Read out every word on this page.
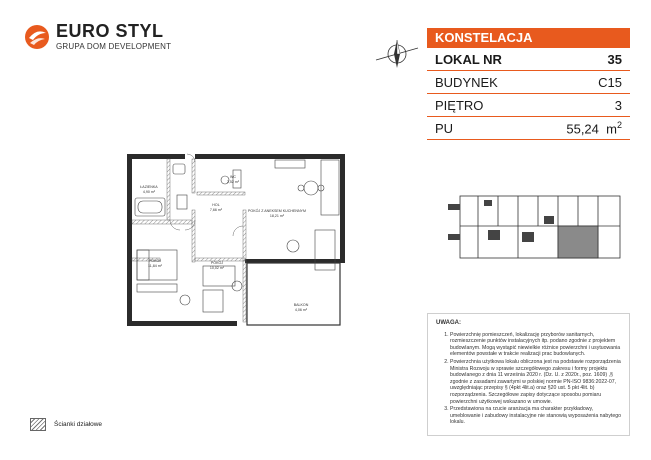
EURO STYL
GRUPA DOM DEVELOPMENT
KONSTELACJA
LOKAL NR	35
BUDYNEK	C15
PIĘTRO	3
PU	55,24 $m^2$
ŁAZIENKA
4,90 m²
HOL
7,66 m²
WC
2,52 m²
POKÓJ Z ANEKSEM KUCHENNYM
18,21 m²
POKÓJ
11,84 m²
POKÓJ
10,02 m²
BALKON
4,06 m²
UWAGA:
1. Powierzchnię pomieszczeń, lokalizację przyborów sanitarnych, rozmieszczenie punktów instalacyjnych itp. podano zgodnie z projektem budowlanym. Mogą wystąpić niewielkie różnice powierzchni i usytuowania elementów powstałe w trakcie realizacji prac budowlanych.
2. Powierzchnia użytkowa lokalu obliczona jest na podstawie rozporządzenia Ministra Rozwoju w sprawie szczegółowego zakresu i formy projektu budowlanego z dnia 11 września 2020 r. (Dz. U. z 2020r., poz. 1609) ,§ zgodnie z zasadami zawartymi w polskiej normie PN-ISO 9836:2022-07, uwzględniając przepisy § (4pkt 4lit.a) oraz §20 ust. 5 pkt 4lit. b) rozporządzenia. Szczegółowe zapisy dotyczące sposobu pomiaru powierzchni użytkowej wskazano w umowie.
3. Przedstawiona na rzucie aranżacja ma charakter przykładowy, umeblowanie i zabudowy instalacyjne nie stanowią wyposażenia nabytego lokalu.
Ścianki działowe
